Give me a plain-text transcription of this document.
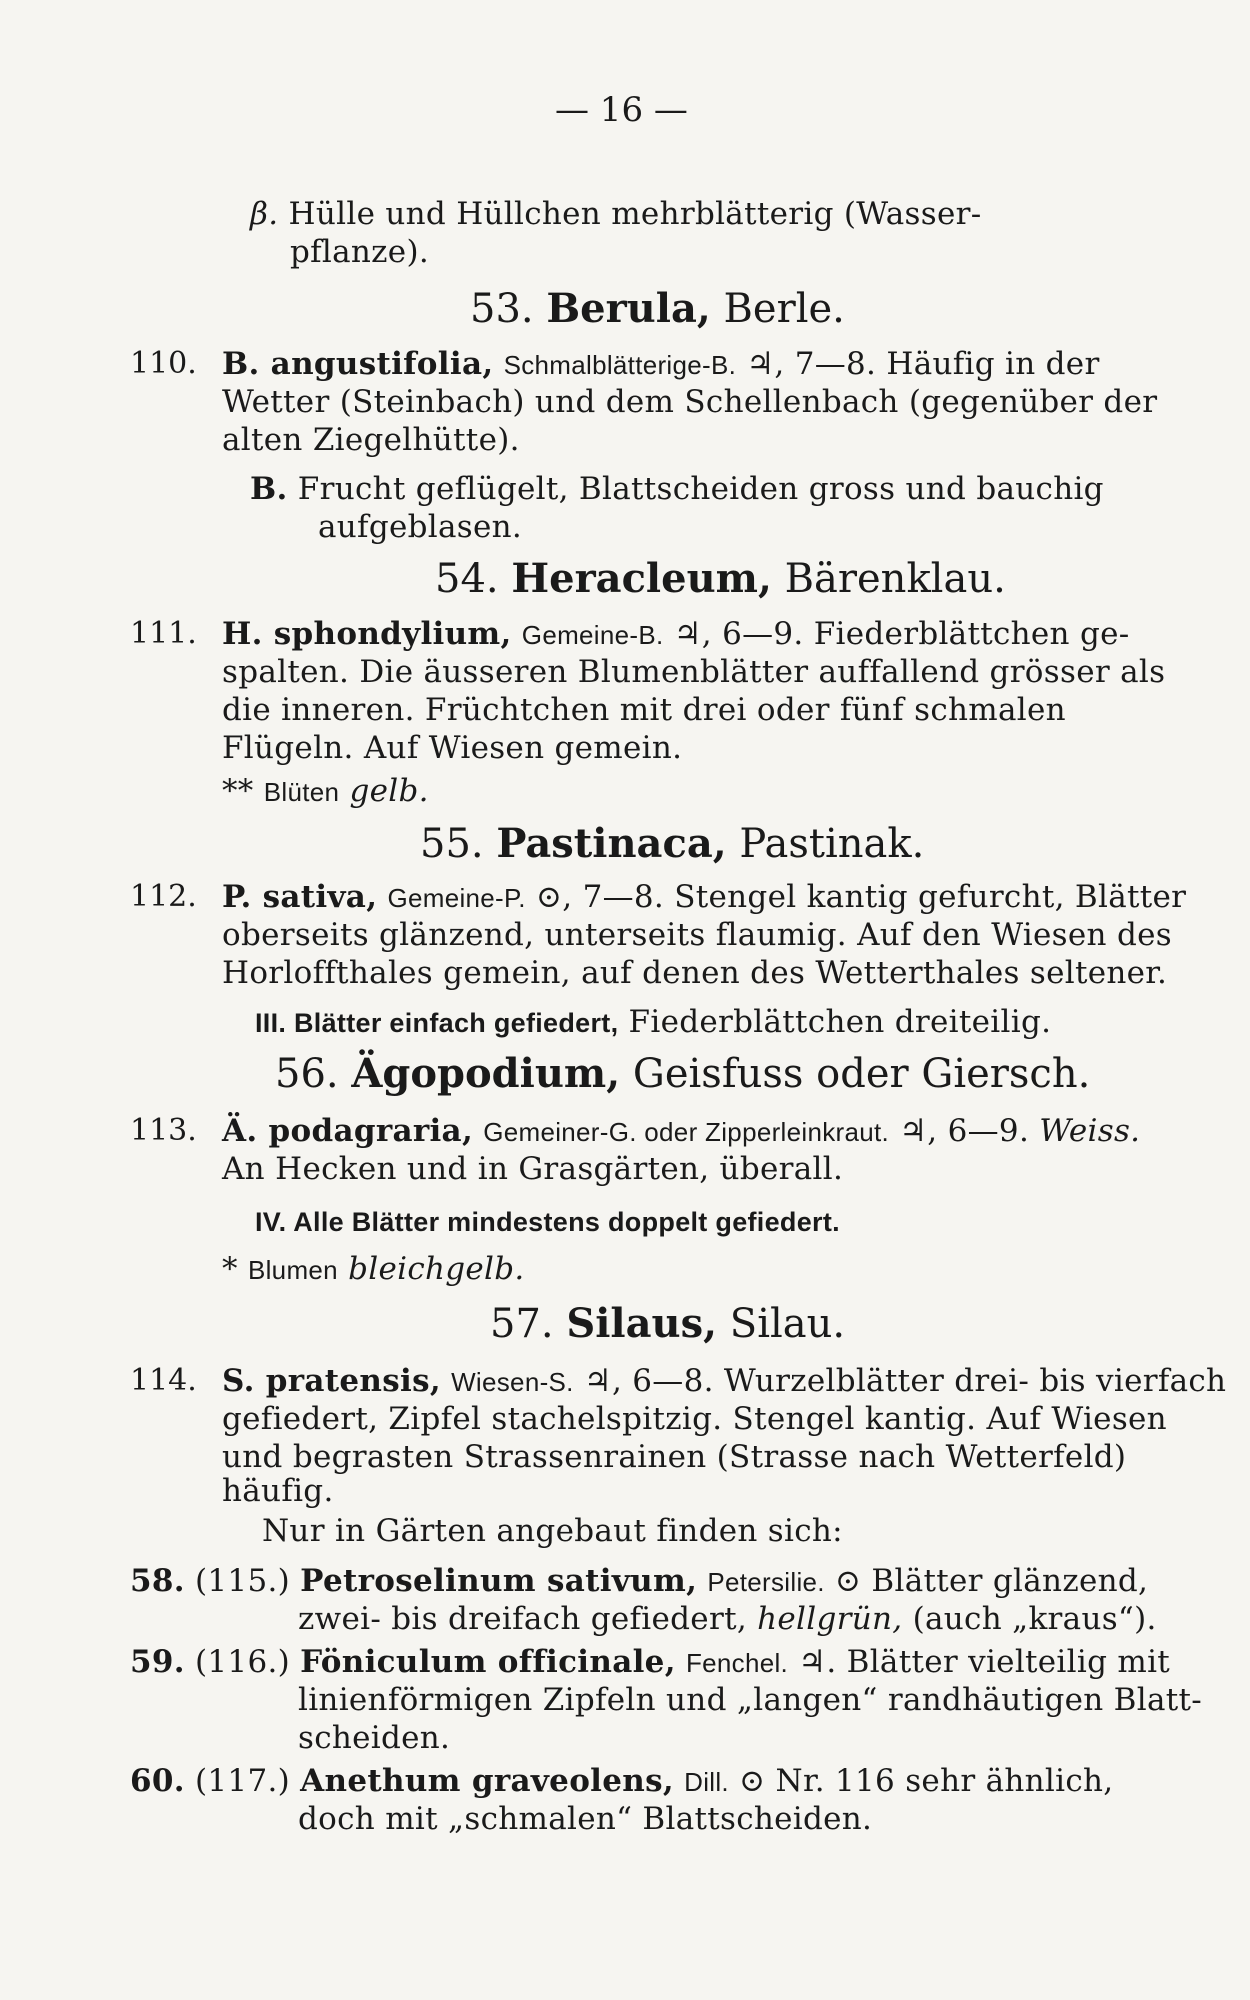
— 16 —
β. Hülle und Hüllchen mehrblätterig (Wasser-
pflanze).
53. Berula, Berle.
110. B. angustifolia, Schmalblätterige-B. ♃, 7—8. Häufig in der
Wetter (Steinbach) und dem Schellenbach (gegenüber der
alten Ziegelhütte).
B. Frucht geflügelt, Blattscheiden gross und bauchig
aufgeblasen.
54. Heracleum, Bärenklau.
111. H. sphondylium, Gemeine-B. ♃, 6—9. Fiederblättchen ge-
spalten. Die äusseren Blumenblätter auffallend grösser als
die inneren. Früchtchen mit drei oder fünf schmalen
Flügeln. Auf Wiesen gemein.
** Blüten gelb.
55. Pastinaca, Pastinak.
112. P. sativa, Gemeine-P. ⊙, 7—8. Stengel kantig gefurcht, Blätter
oberseits glänzend, unterseits flaumig. Auf den Wiesen des
Horloffthales gemein, auf denen des Wetterthales seltener.
III. Blätter einfach gefiedert, Fiederblättchen dreiteilig.
56. Ägopodium, Geisfuss oder Giersch.
113. Ä. podagraria, Gemeiner-G. oder Zipperleinkraut. ♃, 6—9. Weiss.
An Hecken und in Grasgärten, überall.
IV. Alle Blätter mindestens doppelt gefiedert.
* Blumen bleichgelb.
57. Silaus, Silau.
114. S. pratensis, Wiesen-S. ♃, 6—8. Wurzelblätter drei- bis vierfach
gefiedert, Zipfel stachelspitzig. Stengel kantig. Auf Wiesen
und begrasten Strassenrainen (Strasse nach Wetterfeld)
häufig.
Nur in Gärten angebaut finden sich:
58. (115.) Petroselinum sativum, Petersilie. ⊙ Blätter glänzend,
zwei- bis dreifach gefiedert, hellgrün, (auch „kraus“).
59. (116.) Föniculum officinale, Fenchel. ♃. Blätter vielteilig mit
linienförmigen Zipfeln und „langen“ randhäutigen Blatt-
scheiden.
60. (117.) Anethum graveolens, Dill. ⊙ Nr. 116 sehr ähnlich,
doch mit „schmalen“ Blattscheiden.
